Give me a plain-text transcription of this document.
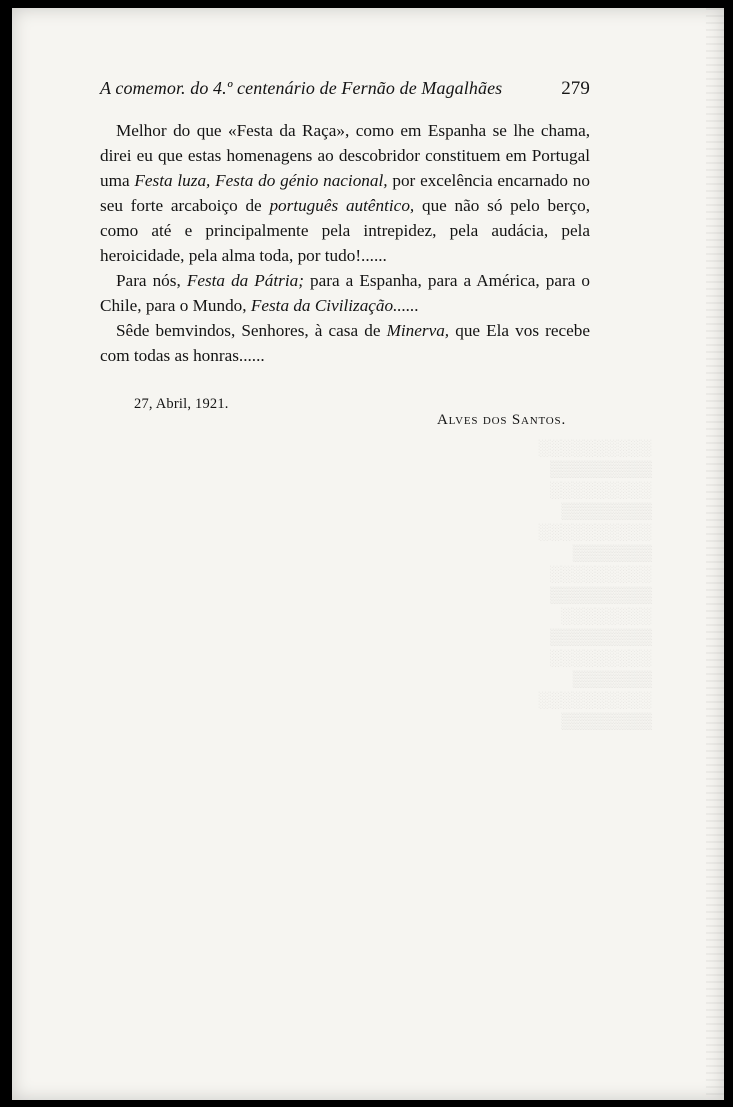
░░░░░░░░░░
▒▒▒▒▒▒▒▒▒
░░░░░░░░░
▒▒▒▒▒▒▒▒
░░░░░░░░░░
▒▒▒▒▒▒▒
░░░░░░░░░
▒▒▒▒▒▒▒▒▒
░░░░░░░░
▒▒▒▒▒▒▒▒▒
░░░░░░░░░
▒▒▒▒▒▒▒
░░░░░░░░░░
▒▒▒▒▒▒▒▒
A comemor. do 4.º centenário de Fernão de Magalhães	279

Melhor do que «Festa da Raça», como em Espanha se lhe chama, direi eu que estas homenagens ao descobridor constituem em Portugal uma Festa luza, Festa do génio nacional, por excelência encarnado no seu forte arcaboiço de português autêntico, que não só pelo berço, como até e principalmente pela intrepidez, pela audácia, pela heroicidade, pela alma toda, por tudo!......

Para nós, Festa da Pátria; para a Espanha, para a América, para o Chile, para o Mundo, Festa da Civilização......

Sêde bemvindos, Senhores, à casa de Minerva, que Ela vos recebe com todas as honras......

27, Abril, 1921.
Alves dos Santos.
